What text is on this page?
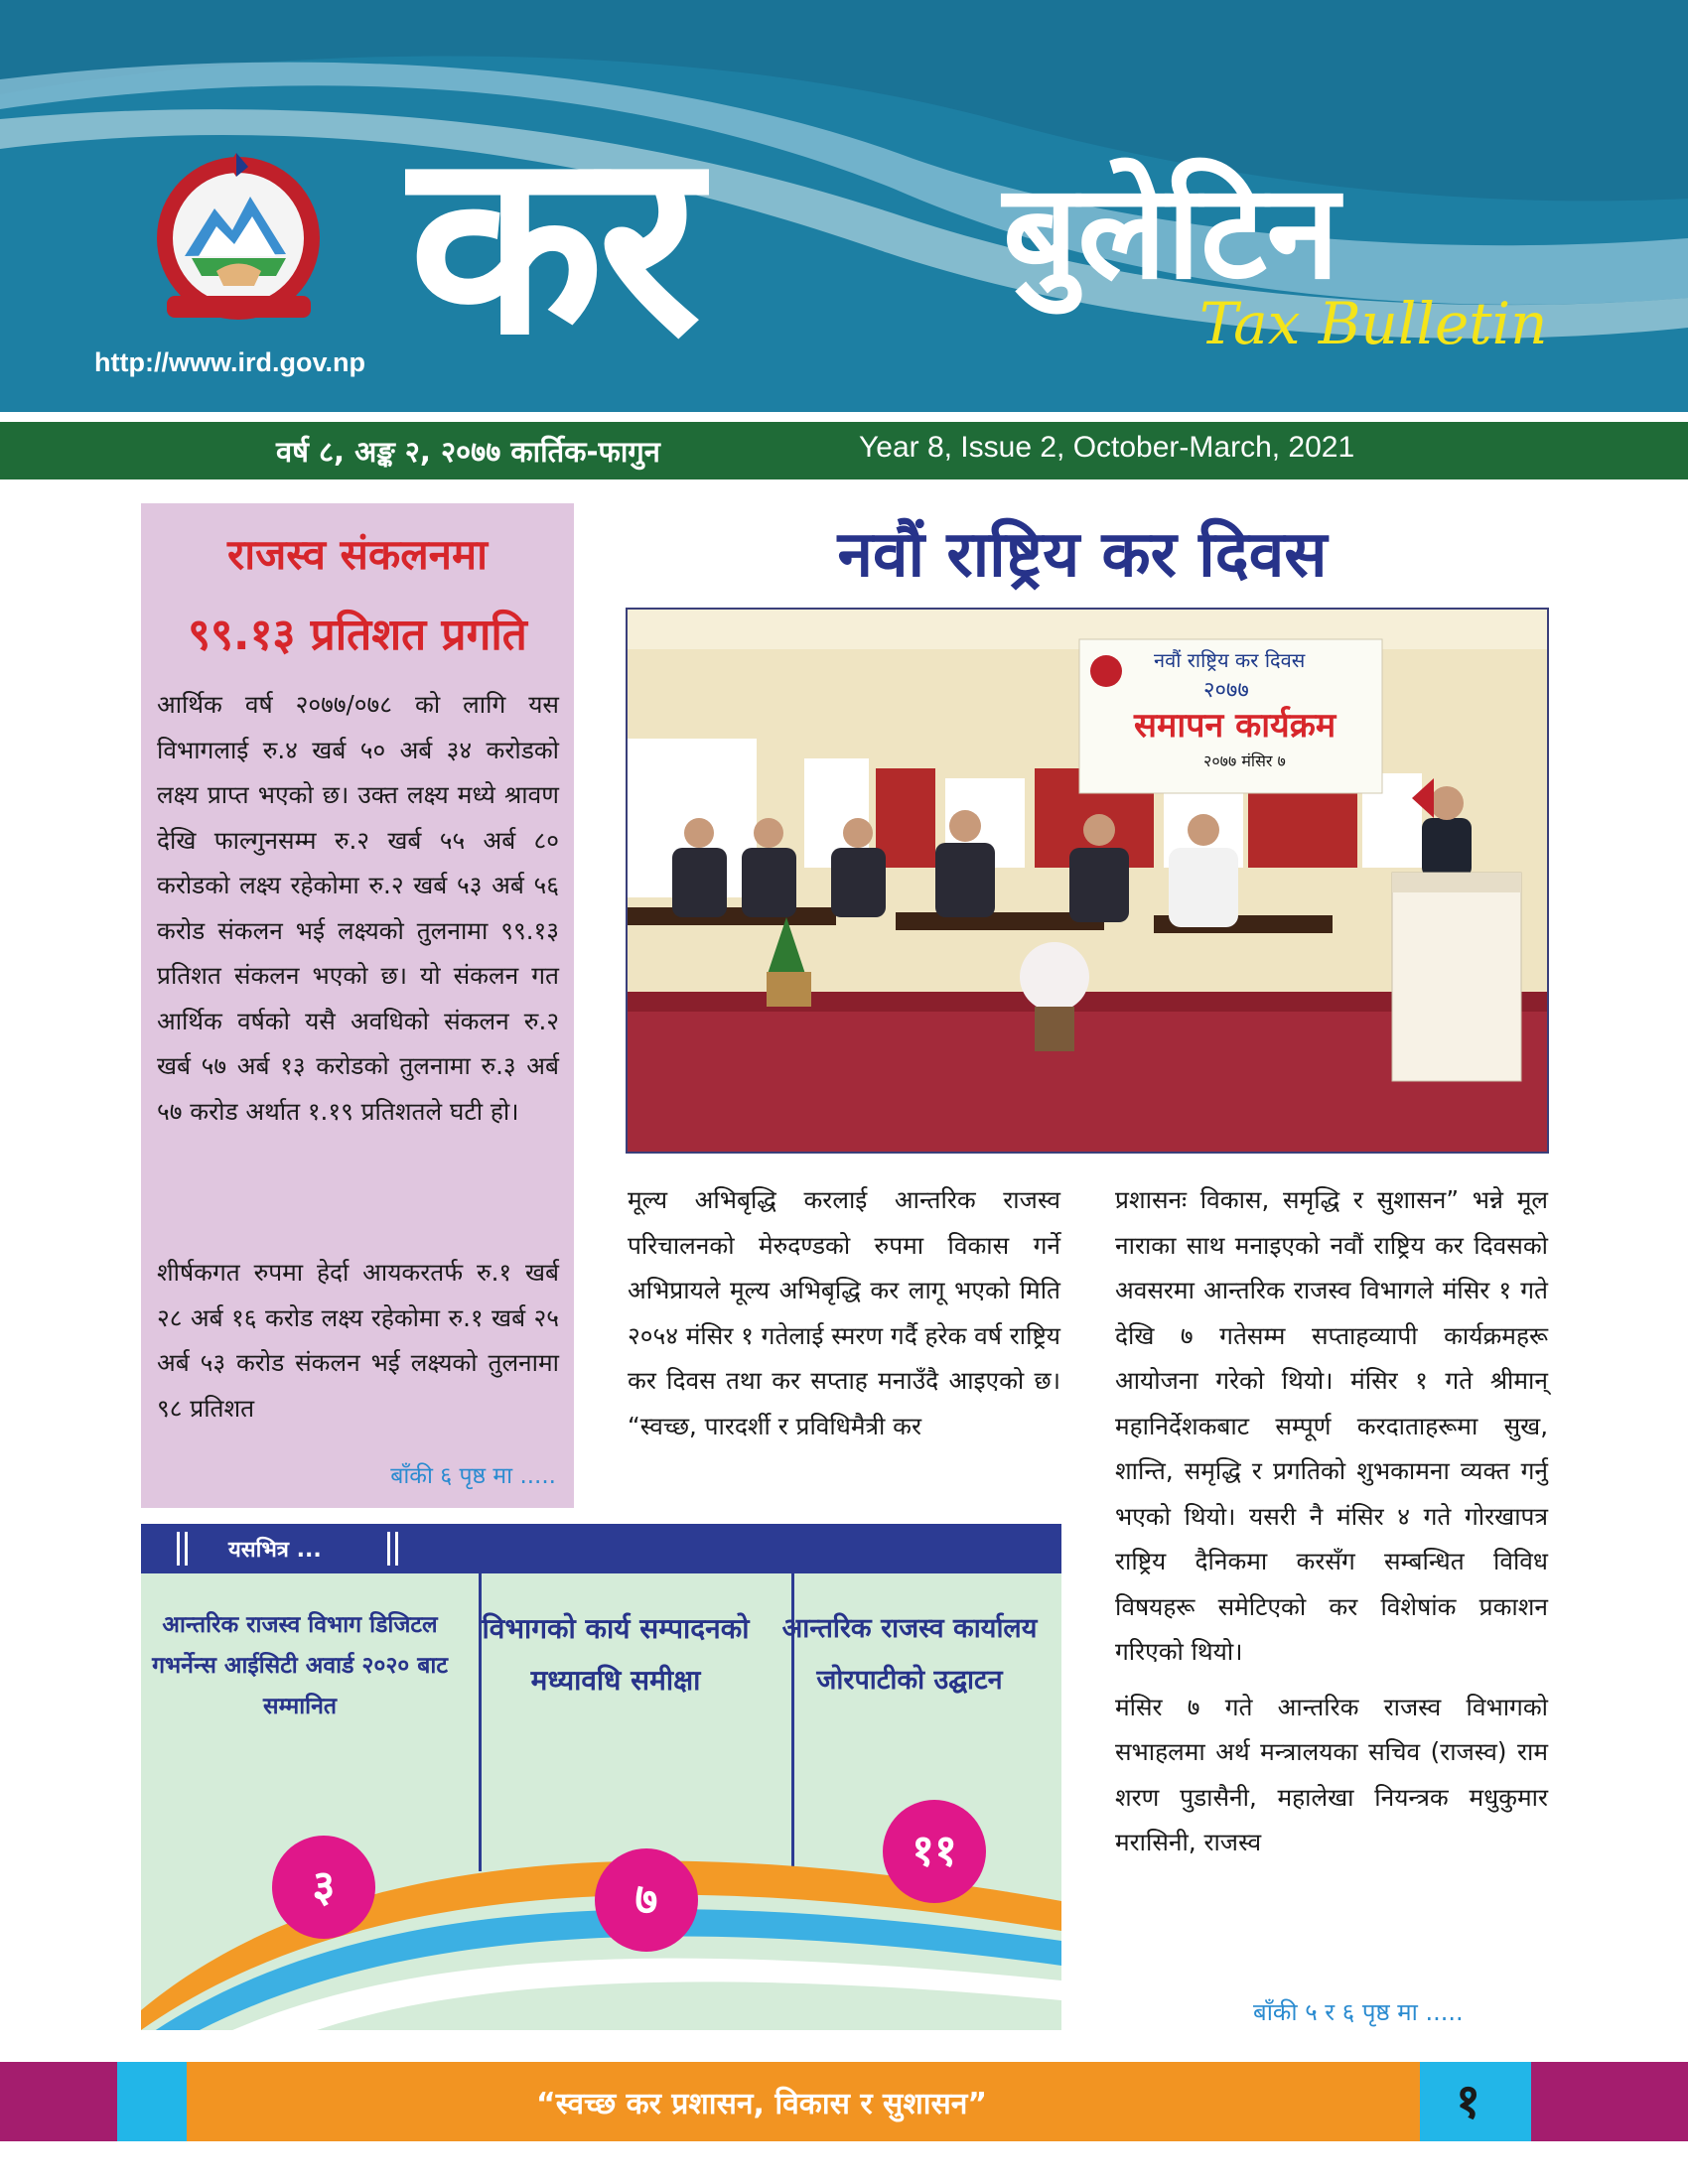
http://www.ird.gov.np कर बुलेटिन
Tax Bulletin
वर्ष ८, अङ्क २, २०७७ कार्तिक-फागुन	Year 8, Issue 2, October-March, 2021
राजस्व संकलनमा
९९.१३ प्रतिशत प्रगति
आर्थिक वर्ष २०७७/०७८ को लागि यस विभागलाई रु.४ खर्ब ५० अर्ब ३४ करोडको लक्ष्य प्राप्त भएको छ। उक्त लक्ष्य मध्ये श्रावण देखि फाल्गुनसम्म रु.२ खर्ब ५५ अर्ब ८० करोडको लक्ष्य रहेकोमा रु.२ खर्ब ५३ अर्ब ५६ करोड संकलन भई लक्ष्यको तुलनामा ९९.१३ प्रतिशत संकलन भएको छ। यो संकलन गत आर्थिक वर्षको यसै अवधिको संकलन रु.२ खर्ब ५७ अर्ब १३ करोडको तुलनामा रु.३ अर्ब ५७ करोड अर्थात १.१९ प्रतिशतले घटी हो।
शीर्षकगत रुपमा हेर्दा आयकरतर्फ रु.१ खर्ब २८ अर्ब १६ करोड लक्ष्य रहेकोमा रु.१ खर्ब २५ अर्ब ५३ करोड संकलन भई लक्ष्यको तुलनामा ९८ प्रतिशत
बाँकी ६ पृष्ठ मा .....
नवौं राष्ट्रिय कर दिवस
नवौं राष्ट्रिय कर दिवस
२०७७
समापन कार्यक्रम
२०७७ मंसिर ७
मूल्य अभिबृद्धि करलाई आन्तरिक राजस्व परिचालनको मेरुदण्डको रुपमा विकास गर्ने अभिप्रायले मूल्य अभिबृद्धि कर लागू भएको मिति २०५४ मंसिर १ गतेलाई स्मरण गर्दै हरेक वर्ष राष्ट्रिय कर दिवस तथा कर सप्ताह मनाउँदै आइएको छ। “स्वच्छ, पारदर्शी र प्रविधिमैत्री कर

प्रशासनः विकास, समृद्धि र सुशासन” भन्ने मूल नाराका साथ मनाइएको नवौं राष्ट्रिय कर दिवसको अवसरमा आन्तरिक राजस्व विभागले मंसिर १ गते देखि ७ गतेसम्म सप्ताहव्यापी कार्यक्रमहरू आयोजना गरेको थियो। मंसिर १ गते श्रीमान् महानिर्देशकबाट सम्पूर्ण करदाताहरूमा सुख, शान्ति, समृद्धि र प्रगतिको शुभकामना व्यक्त गर्नु भएको थियो। यसरी नै मंसिर ४ गते गोरखापत्र राष्ट्रिय दैनिकमा करसँग सम्बन्धित विविध विषयहरू समेटिएको कर विशेषांक प्रकाशन गरिएको थियो।

मंसिर ७ गते आन्तरिक राजस्व विभागको सभाहलमा अर्थ मन्त्रालयका सचिव (राजस्व) राम शरण पुडासैनी, महालेखा नियन्त्रक मधुकुमार मरासिनी, राजस्व

बाँकी ५ र ६ पृष्ठ मा .....
यसभित्र ...
आन्तरिक राजस्व विभाग डिजिटल गभर्नेन्स आईसिटी अवार्ड २०२० बाट सम्मानित
विभागको कार्य सम्पादनको मध्यावधि समीक्षा
आन्तरिक राजस्व कार्यालय जोरपाटीको उद्घाटन
३	७
११
“स्वच्छ कर प्रशासन, विकास र सुशासन”	१
